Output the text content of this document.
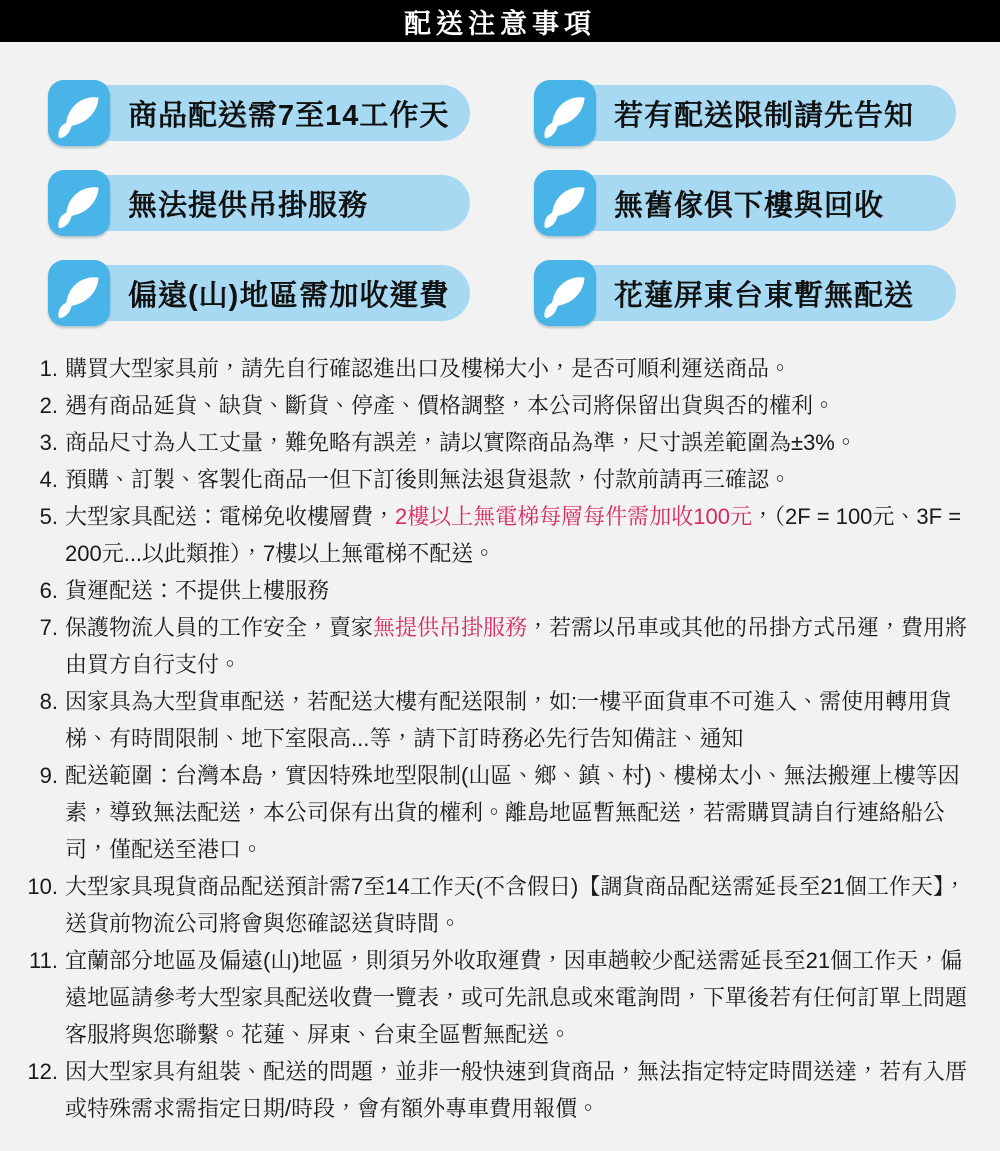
配送注意事項
商品配送需7至14工作天	若有配送限制請先告知
無法提供吊掛服務	無舊傢俱下樓與回收
偏遠(山)地區需加收運費	花蓮屏東台東暫無配送
1. 購買大型家具前，請先自行確認進出口及樓梯大小，是否可順利運送商品。
2. 遇有商品延貨、缺貨、斷貨、停產、價格調整，本公司將保留出貨與否的權利。
3. 商品尺寸為人工丈量，難免略有誤差，請以實際商品為準，尺寸誤差範圍為±3%。
4. 預購、訂製、客製化商品一但下訂後則無法退貨退款，付款前請再三確認。
5. 大型家具配送：電梯免收樓層費，2樓以上無電梯每層每件需加收100元，（2F = 100元、3F = 200元...以此類推），7樓以上無電梯不配送。
6. 貨運配送：不提供上樓服務
7. 保護物流人員的工作安全，賣家無提供吊掛服務，若需以吊車或其他的吊掛方式吊運，費用將由買方自行支付。
8. 因家具為大型貨車配送，若配送大樓有配送限制，如:一樓平面貨車不可進入、需使用轉用貨梯、有時間限制、地下室限高...等，請下訂時務必先行告知備註、通知
9. 配送範圍：台灣本島，實因特殊地型限制(山區、鄉、鎮、村)、樓梯太小、無法搬運上樓等因素，導致無法配送，本公司保有出貨的權利。離島地區暫無配送，若需購買請自行連絡船公司，僅配送至港口。
10. 大型家具現貨商品配送預計需7至14工作天(不含假日)【調貨商品配送需延長至21個工作天】，送貨前物流公司將會與您確認送貨時間。
11. 宜蘭部分地區及偏遠(山)地區，則須另外收取運費，因車趟較少配送需延長至21個工作天，偏遠地區請參考大型家具配送收費一覽表，或可先訊息或來電詢問，下單後若有任何訂單上問題客服將與您聯繫。花蓮、屏東、台東全區暫無配送。
12. 因大型家具有組裝、配送的問題，並非一般快速到貨商品，無法指定特定時間送達，若有入厝或特殊需求需指定日期/時段，會有額外專車費用報價。
